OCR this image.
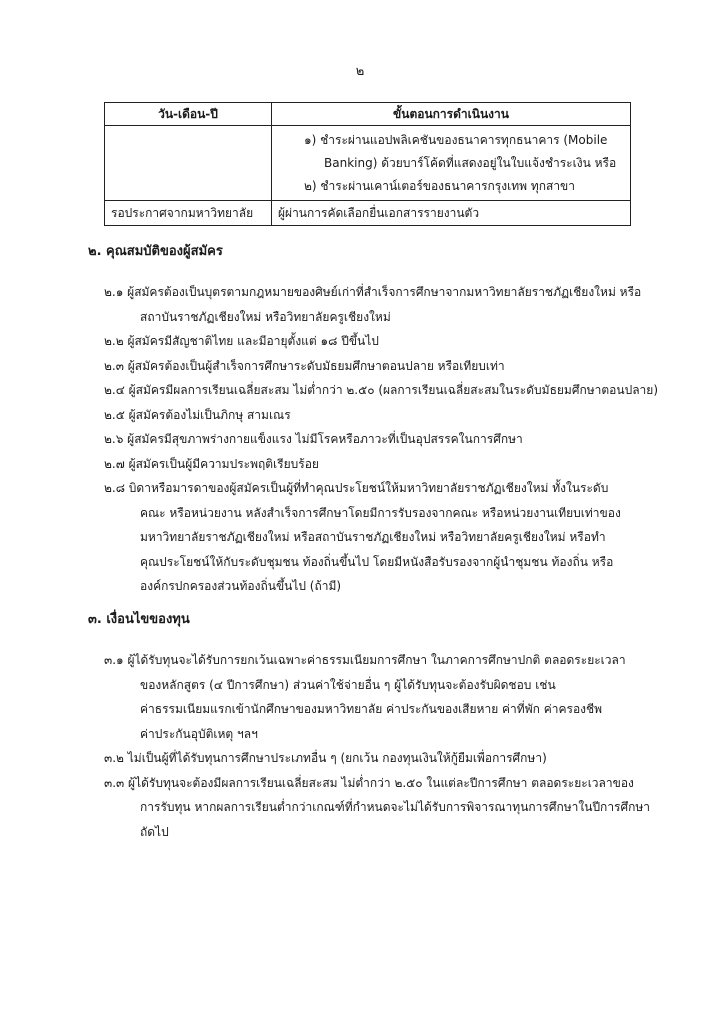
๒
วัน-เดือน-ปี	ขั้นตอนการดำเนินงาน

	๑) ชำระผ่านแอปพลิเคชันของธนาคารทุกธนาคาร (Mobile
Banking) ด้วยบาร์โค้ดที่แสดงอยู่ในใบแจ้งชำระเงิน หรือ
๒) ชำระผ่านเคาน์เตอร์ของธนาคารกรุงเทพ ทุกสาขา

รอประกาศจากมหาวิทยาลัย	ผู้ผ่านการคัดเลือกยื่นเอกสารรายงานตัว
๒. คุณสมบัติของผู้สมัคร
๒.๑ ผู้สมัครต้องเป็นบุตรตามกฎหมายของศิษย์เก่าที่สำเร็จการศึกษาจากมหาวิทยาลัยราชภัฏเชียงใหม่ หรือ
สถาบันราชภัฏเชียงใหม่ หรือวิทยาลัยครูเชียงใหม่
๒.๒ ผู้สมัครมีสัญชาติไทย และมีอายุตั้งแต่ ๑๘ ปีขึ้นไป
๒.๓ ผู้สมัครต้องเป็นผู้สำเร็จการศึกษาระดับมัธยมศึกษาตอนปลาย หรือเทียบเท่า
๒.๔ ผู้สมัครมีผลการเรียนเฉลี่ยสะสม ไม่ต่ำกว่า ๒.๕๐ (ผลการเรียนเฉลี่ยสะสมในระดับมัธยมศึกษาตอนปลาย)
๒.๕ ผู้สมัครต้องไม่เป็นภิกษุ สามเณร
๒.๖ ผู้สมัครมีสุขภาพร่างกายแข็งแรง ไม่มีโรคหรือภาวะที่เป็นอุปสรรคในการศึกษา
๒.๗ ผู้สมัครเป็นผู้มีความประพฤติเรียบร้อย
๒.๘ บิดาหรือมารดาของผู้สมัครเป็นผู้ที่ทำคุณประโยชน์ให้มหาวิทยาลัยราชภัฏเชียงใหม่ ทั้งในระดับ
คณะ หรือหน่วยงาน หลังสำเร็จการศึกษาโดยมีการรับรองจากคณะ หรือหน่วยงานเทียบเท่าของ
มหาวิทยาลัยราชภัฏเชียงใหม่ หรือสถาบันราชภัฏเชียงใหม่ หรือวิทยาลัยครูเชียงใหม่ หรือทำ
คุณประโยชน์ให้กับระดับชุมชน ท้องถิ่นขึ้นไป โดยมีหนังสือรับรองจากผู้นำชุมชน ท้องถิ่น หรือ
องค์กรปกครองส่วนท้องถิ่นขึ้นไป (ถ้ามี)
๓. เงื่อนไขของทุน
๓.๑ ผู้ได้รับทุนจะได้รับการยกเว้นเฉพาะค่าธรรมเนียมการศึกษา ในภาคการศึกษาปกติ ตลอดระยะเวลา
ของหลักสูตร (๔ ปีการศึกษา) ส่วนค่าใช้จ่ายอื่น ๆ ผู้ได้รับทุนจะต้องรับผิดชอบ เช่น
ค่าธรรมเนียมแรกเข้านักศึกษาของมหาวิทยาลัย ค่าประกันของเสียหาย ค่าที่พัก ค่าครองชีพ
ค่าประกันอุบัติเหตุ ฯลฯ
๓.๒ ไม่เป็นผู้ที่ได้รับทุนการศึกษาประเภทอื่น ๆ (ยกเว้น กองทุนเงินให้กู้ยืมเพื่อการศึกษา)
๓.๓ ผู้ได้รับทุนจะต้องมีผลการเรียนเฉลี่ยสะสม ไม่ต่ำกว่า ๒.๕๐ ในแต่ละปีการศึกษา ตลอดระยะเวลาของ
การรับทุน หากผลการเรียนต่ำกว่าเกณฑ์ที่กำหนดจะไม่ได้รับการพิจารณาทุนการศึกษาในปีการศึกษา
ถัดไป
